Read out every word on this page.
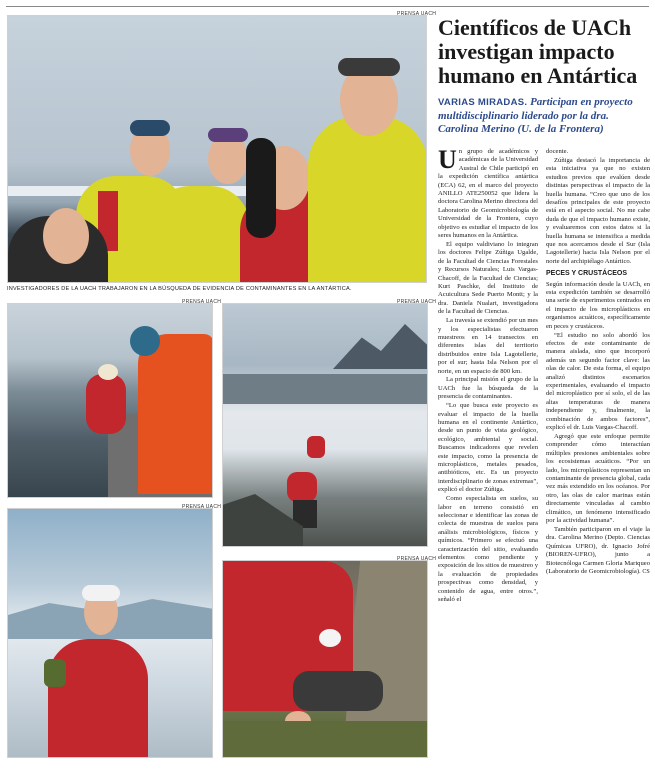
PRENSA UACH
INVESTIGADORES DE LA UACH TRABAJARON EN LA BÚSQUEDA DE EVIDENCIA DE CONTAMINANTES EN LA ANTÁRTICA.
PRENSA UACH	PRENSA UACH
PRENSA UACH
PRENSA UACH
Científicos de UACh investigan impacto humano en Antártica
VARIAS MIRADAS. Participan en proyecto multidisciplinario liderado por la dra. Carolina Merino (U. de la Frontera)

Un grupo de académicos y académicas de la Universidad Austral de Chile participó en la expedición científica antártica (ECA) 62, en el marco del proyecto ANILLO ATE250052 que lidera la doctora Carolina Merino directora del Laboratorio de Geomicrobiología de Universidad de la Frontera, cuyo objetivo es estudiar el impacto de los seres humanos en la Antártica.

El equipo valdiviano lo integran los doctores Felipe Zúñiga Ugalde, de la Facultad de Ciencias Forestales y Recursos Naturales; Luis Vargas-Chacoff, de la Facultad de Ciencias; Kurt Paschke, del Instituto de Acuicultura Sede Puerto Montt; y la dra. Daniela Nualart, investigadora de la Facultad de Ciencias.

La travesía se extendió por un mes y los especialistas efectuaron muestreos en 14 transectos en diferentes islas del territorio distribuidos entre Isla Lagotellerie, por el sur; hasta Isla Nelson por el norte, en un espacio de 800 km.

La principal misión el grupo de la UACh fue la búsqueda de la presencia de contaminantes.

“Lo que busca este proyecto es evaluar el impacto de la huella humana en el continente Antártico, desde un punto de vista geológico, ecológico, ambiental y social. Buscamos indicadores que revelen este impacto, como la presencia de microplásticos, metales pesados, antibióticos, etc. Es un proyecto interdisciplinario de zonas extremas”, explicó el doctor Zúñiga.

Como especialista en suelos, su labor en terreno consistió en seleccionar e identificar las zonas de colecta de muestras de suelos para análisis microbiológicos, físicos y químicos. “Primero se efectuó una caracterización del sitio, evaluando elementos como pendiente y exposición de los sitios de muestreo y la evaluación de propiedades prospectivas como densidad, y contenido de agua, entre otros.”, señaló el

docente.

Zúñiga destacó la importancia de esta iniciativa ya que no existen estudios previos que evalúen desde distintas perspectivas el impacto de la huella humana. “Creo que uno de los desafíos principales de este proyecto está en el aspecto social. No me cabe duda de que el impacto humano existe, y evaluaremos con estos datos si la huella humana se intensifica a medida que nos acercamos desde el Sur (Isla Lagotellerie) hacia Isla Nelson por el norte del archipiélago Antártico.

PECES Y CRUSTÁCEOS

Según información desde la UACh, en esta expedición también se desarrolló una serie de experimentos centrados en el impacto de los microplásticos en organismos acuáticos, específicamente en peces y crustáceos.

“El estudio no solo abordó los efectos de este contaminante de manera aislada, sino que incorporó además un segundo factor clave: las olas de calor. De esta forma, el equipo analizó distintos escenarios experimentales, evaluando el impacto del microplástico por sí solo, el de las altas temperaturas de manera independiente y, finalmente, la combinación de ambos factores”, explicó el dr. Luis Vargas-Chacoff.

Agregó que este enfoque permite comprender cómo interactúan múltiples presiones ambientales sobre los ecosistemas acuáticos. “Por un lado, los microplásticos representan un contaminante de presencia global, cada vez más extendido en los océanos. Por otro, las olas de calor marinas están directamente vinculadas al cambio climático, un fenómeno intensificado por la actividad humana”.

También participaron en el viaje la dra. Carolina Merino (Depto. Ciencias Químicas UFRO), dr. Ignacio Jofré (BIOREN-UFRO), junto a Biotecnóloga Carmen Gloria Mariqueo (Laboratorio de Geomicrobiología). CS
